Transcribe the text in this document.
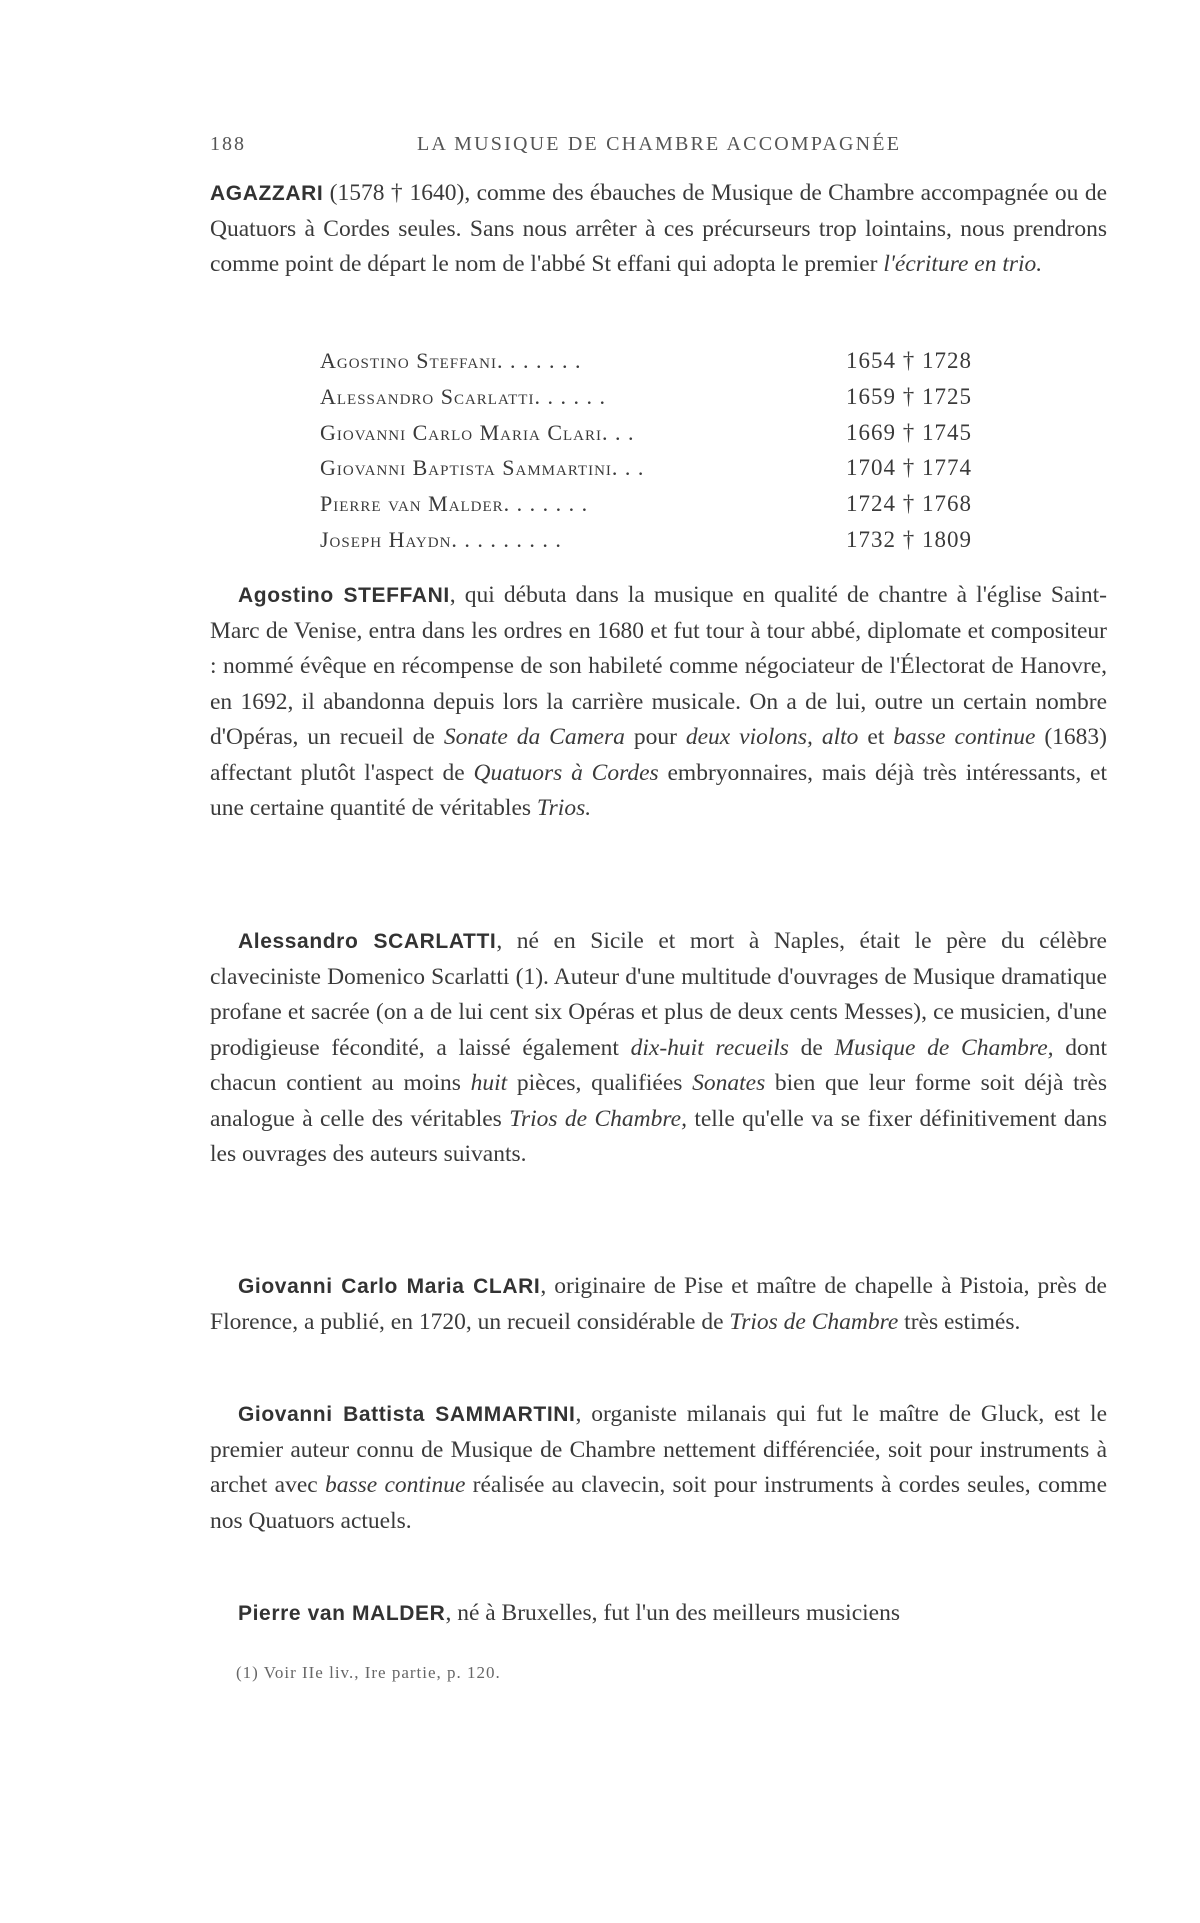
188	LA MUSIQUE DE CHAMBRE ACCOMPAGNÉE

AGAZZARI (1578 † 1640), comme des ébauches de Musique de Chambre accompagnée ou de Quatuors à Cordes seules. Sans nous arrêter à ces précurseurs trop lointains, nous prendrons comme point de départ le nom de l'abbé St effani qui adopta le premier l'écriture en trio.

Agostino Steffani. . . . . . .	1654 † 1728
Alessandro Scarlatti. . . . . .	1659 † 1725
Giovanni Carlo Maria Clari. . .	1669 † 1745
Giovanni Baptista Sammartini. . .	1704 † 1774
Pierre van Malder. . . . . . .	1724 † 1768
Joseph Haydn. . . . . . . . .	1732 † 1809

Agostino STEFFANI, qui débuta dans la musique en qualité de chantre à l'église Saint-Marc de Venise, entra dans les ordres en 1680 et fut tour à tour abbé, diplomate et compositeur : nommé évêque en récompense de son habileté comme négociateur de l'Électorat de Hanovre, en 1692, il abandonna depuis lors la carrière musicale. On a de lui, outre un certain nombre d'Opéras, un recueil de Sonate da Camera pour deux violons, alto et basse continue (1683) affectant plutôt l'aspect de Quatuors à Cordes embryonnaires, mais déjà très intéressants, et une certaine quantité de véritables Trios.

Alessandro SCARLATTI, né en Sicile et mort à Naples, était le père du célèbre claveciniste Domenico Scarlatti (1). Auteur d'une multitude d'ouvrages de Musique dramatique profane et sacrée (on a de lui cent six Opéras et plus de deux cents Messes), ce musicien, d'une prodigieuse fécondité, a laissé également dix-huit recueils de Musique de Chambre, dont chacun contient au moins huit pièces, qualifiées Sonates bien que leur forme soit déjà très analogue à celle des véritables Trios de Chambre, telle qu'elle va se fixer définitivement dans les ouvrages des auteurs suivants.

Giovanni Carlo Maria CLARI, originaire de Pise et maître de chapelle à Pistoia, près de Florence, a publié, en 1720, un recueil considérable de Trios de Chambre très estimés.

Giovanni Battista SAMMARTINI, organiste milanais qui fut le maître de Gluck, est le premier auteur connu de Musique de Chambre nettement différenciée, soit pour instruments à archet avec basse continue réalisée au clavecin, soit pour instruments à cordes seules, comme nos Quatuors actuels.

Pierre van MALDER, né à Bruxelles, fut l'un des meilleurs musiciens

(1) Voir IIe liv., Ire partie, p. 120.
